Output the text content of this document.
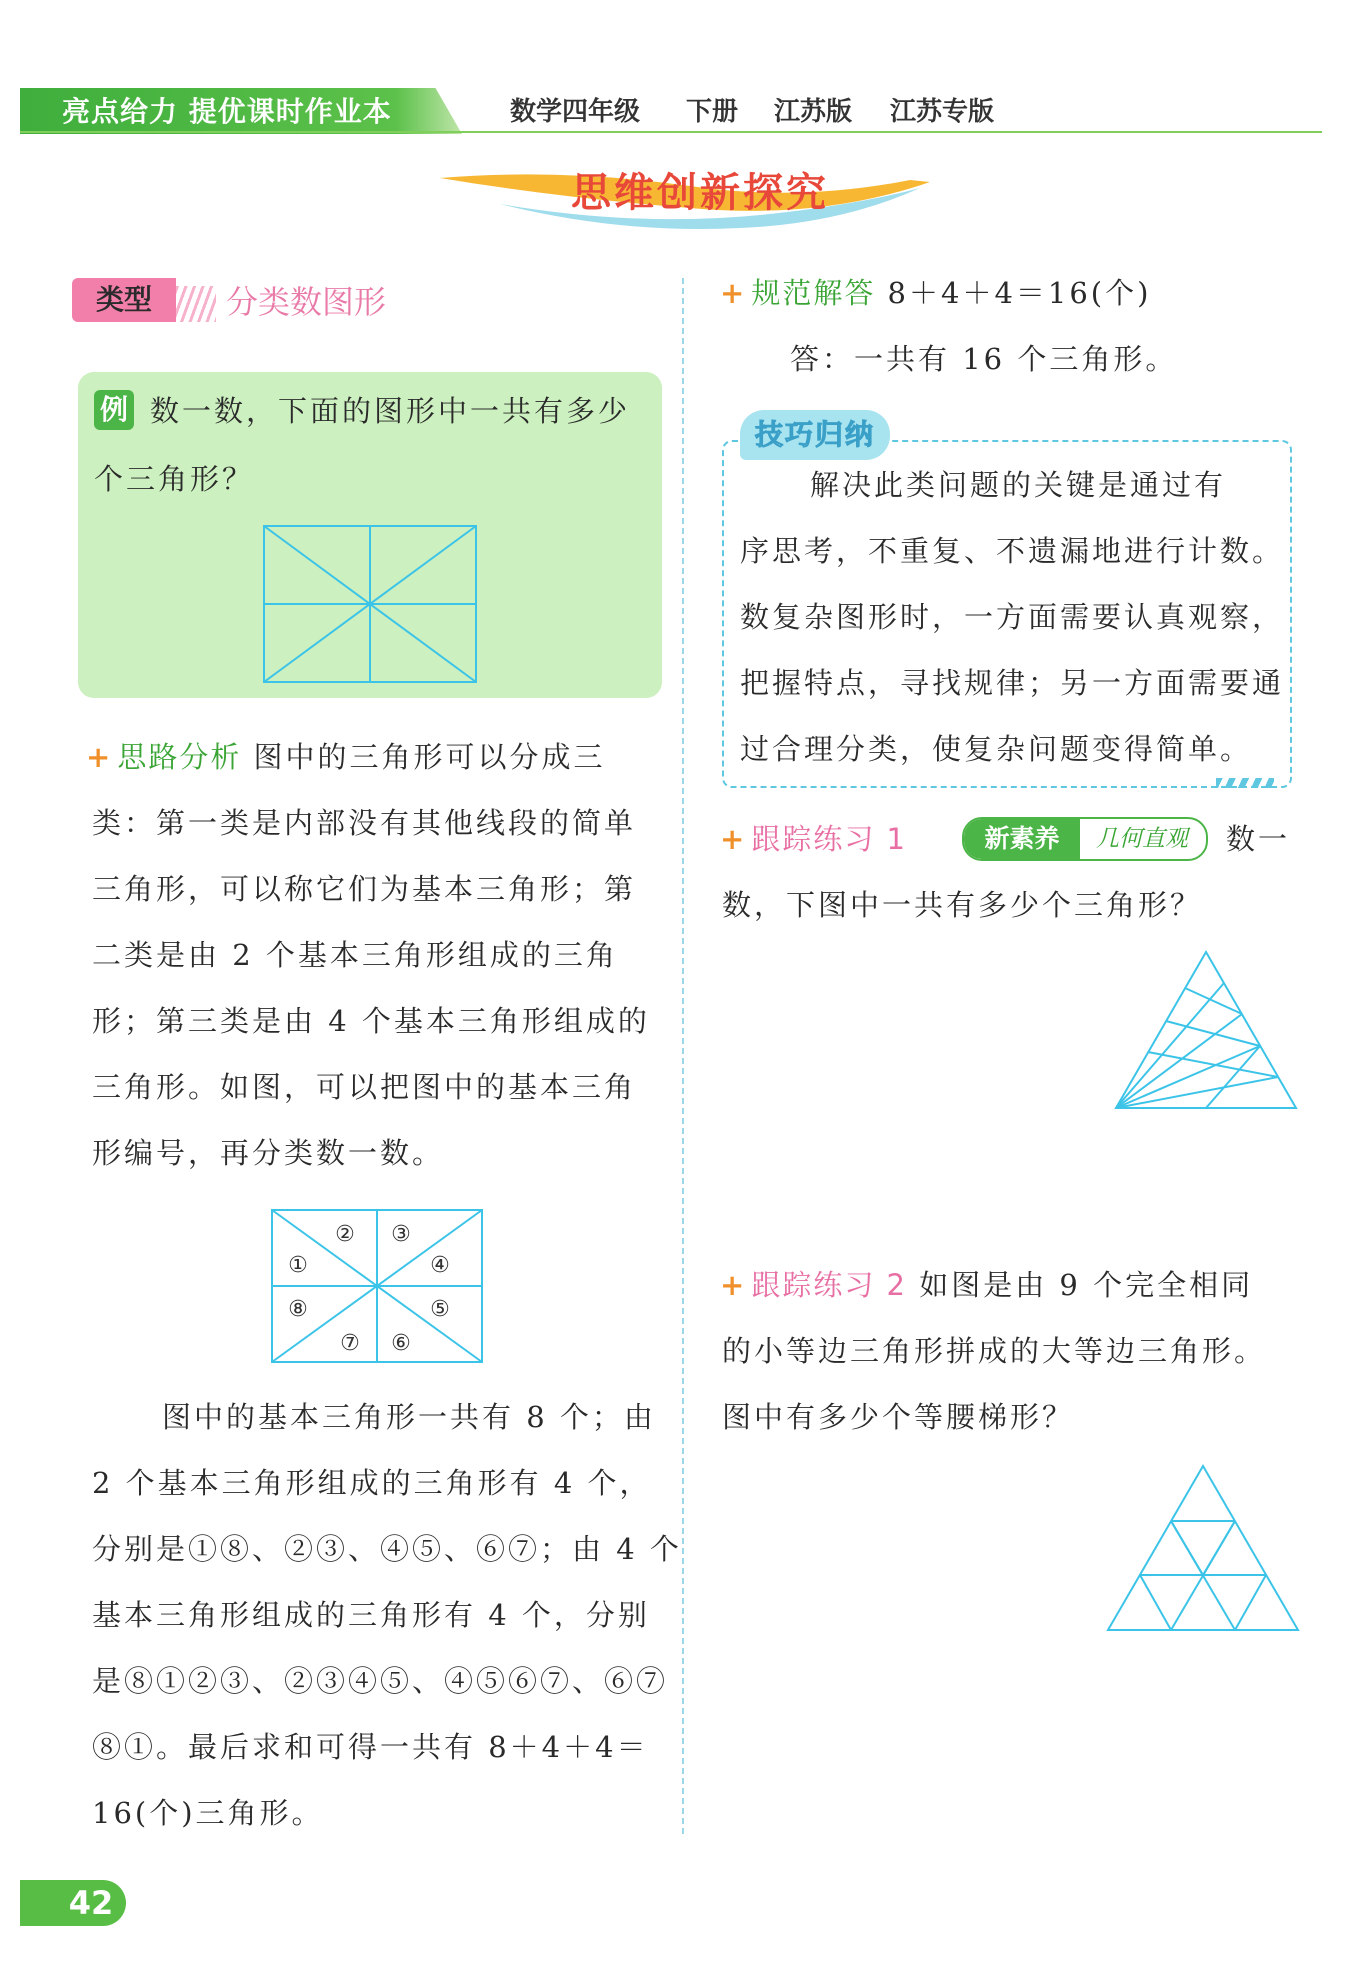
亮点给力 提优课时作业本	数学四年级 下册 江苏版 江苏专版
思维创新探究
类型	分类数图形
例 数一数，下面的图形中一共有多少
个三角形？
+ 思路分析 图中的三角形可以分成三
类：第一类是内部没有其他线段的简单
三角形，可以称它们为基本三角形；第
二类是由 2 个基本三角形组成的三角
形；第三类是由 4 个基本三角形组成的
三角形。如图，可以把图中的基本三角
形编号，再分类数一数。
①
② ③
④
⑤
⑥
⑦
⑧
图中的基本三角形一共有 8 个；由
2 个基本三角形组成的三角形有 4 个，
分别是①⑧、②③、④⑤、⑥⑦；由 4 个
基本三角形组成的三角形有 4 个，分别
是⑧①②③、②③④⑤、④⑤⑥⑦、⑥⑦
⑧①。最后求和可得一共有 8＋4＋4＝
16(个)三角形。
+ 规范解答 8＋4＋4＝16(个)
答：一共有 16 个三角形。
技巧归纳
解决此类问题的关键是通过有
序思考，不重复、不遗漏地进行计数。
数复杂图形时，一方面需要认真观察，
把握特点，寻找规律；另一方面需要通
过合理分类，使复杂问题变得简单。
+ 跟踪练习 1	新素养	几何直观	数一
数，下图中一共有多少个三角形？
+ 跟踪练习 2 如图是由 9 个完全相同
的小等边三角形拼成的大等边三角形。
图中有多少个等腰梯形？
42
